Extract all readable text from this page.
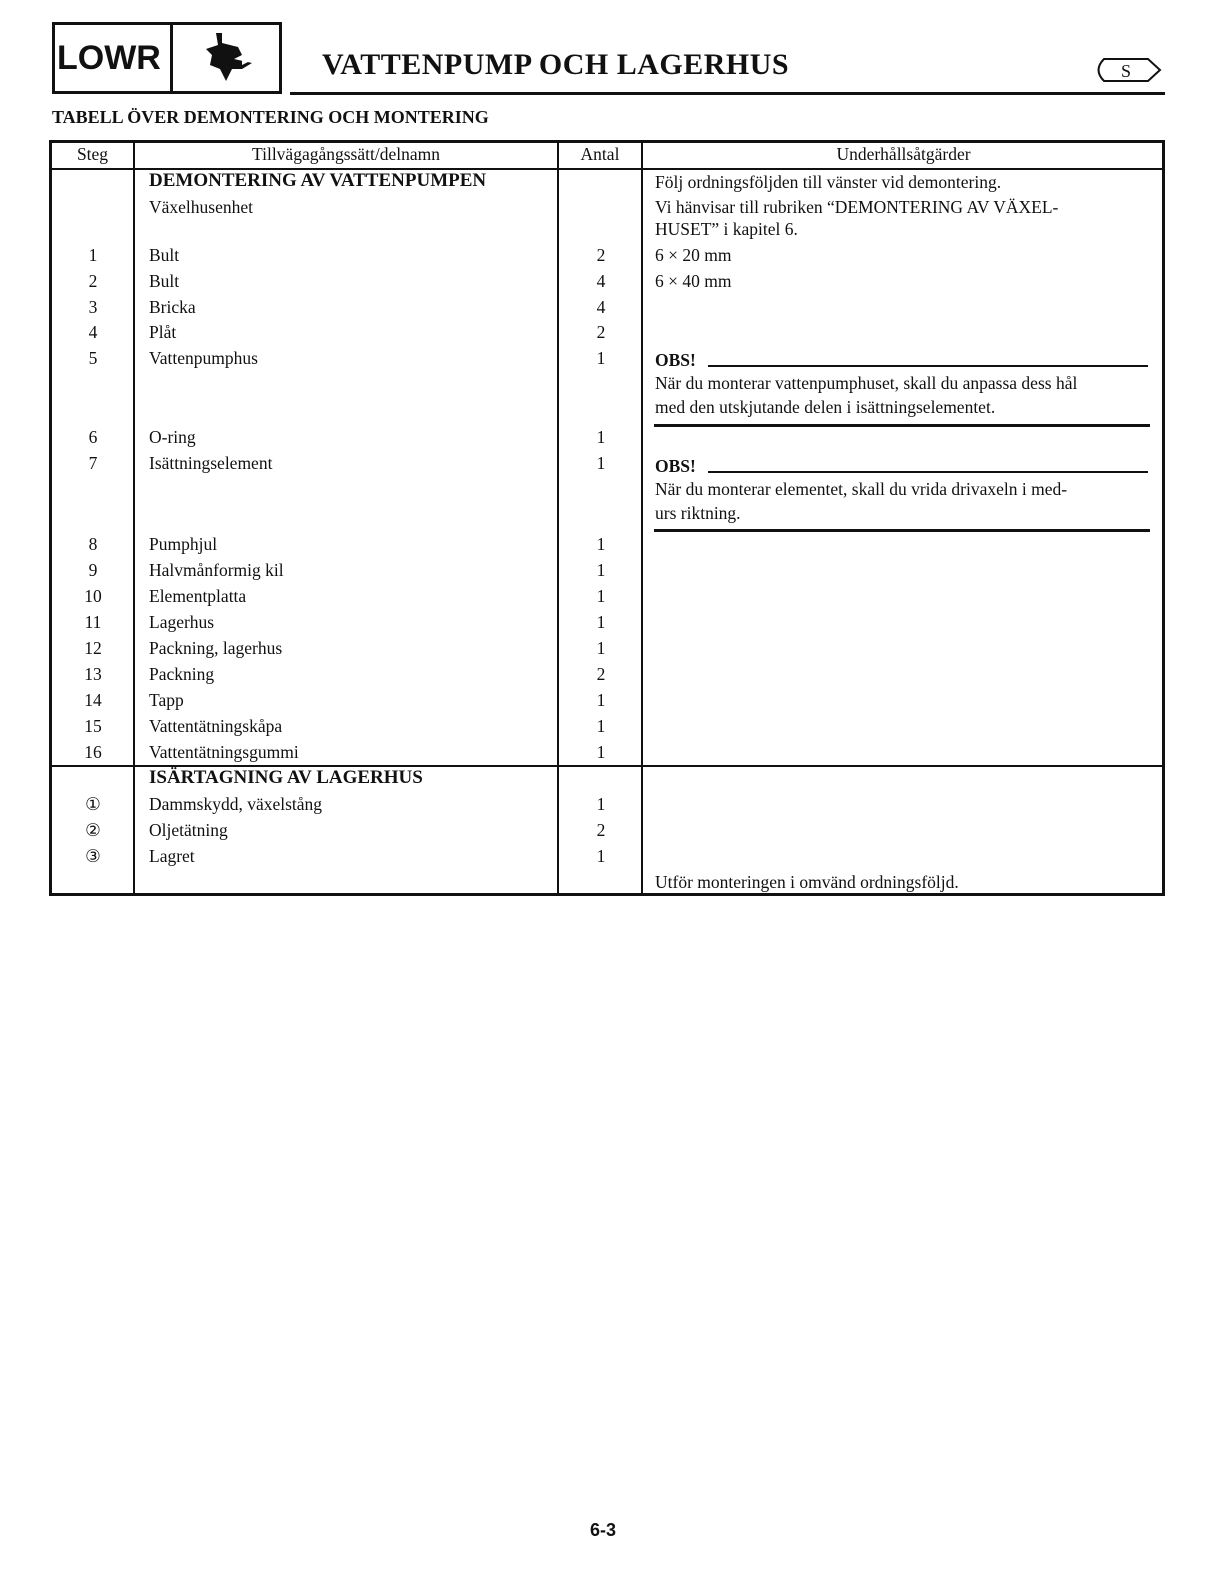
LOWR	VATTENPUMP OCH LAGERHUS	S
TABELL ÖVER DEMONTERING OCH MONTERING
Steg	Tillvägagångssätt/delnamn	Antal	Underhållsåtgärder
DEMONTERING AV VATTENPUMPEN
Växelhusenhet
Följ ordningsföljden till vänster vid demontering.
Vi hänvisar till rubriken “DEMONTERING AV VÄXEL-
HUSET” i kapitel 6.
1	Bult	2	6 × 20 mm
2	Bult	4	6 × 40 mm
3	Bricka	4
4	Plåt	2
5	Vattenpumphus	1	OBS!
När du monterar vattenpumphuset, skall du anpassa dess hål
med den utskjutande delen i isättningselementet.
6	O-ring	1
7	Isättningselement	1	OBS!
När du monterar elementet, skall du vrida drivaxeln i med-
urs riktning.
8	Pumphjul	1
9	Halvmånformig kil	1
10	Elementplatta	1
11	Lagerhus	1
12	Packning, lagerhus	1
13	Packning	2
14	Tapp	1
15	Vattentätningskåpa	1
16	Vattentätningsgummi	1
ISÄRTAGNING AV LAGERHUS
①	Dammskydd, växelstång	1
②	Oljetätning	2
③	Lagret	1
Utför monteringen i omvänd ordningsföljd.
6-3
